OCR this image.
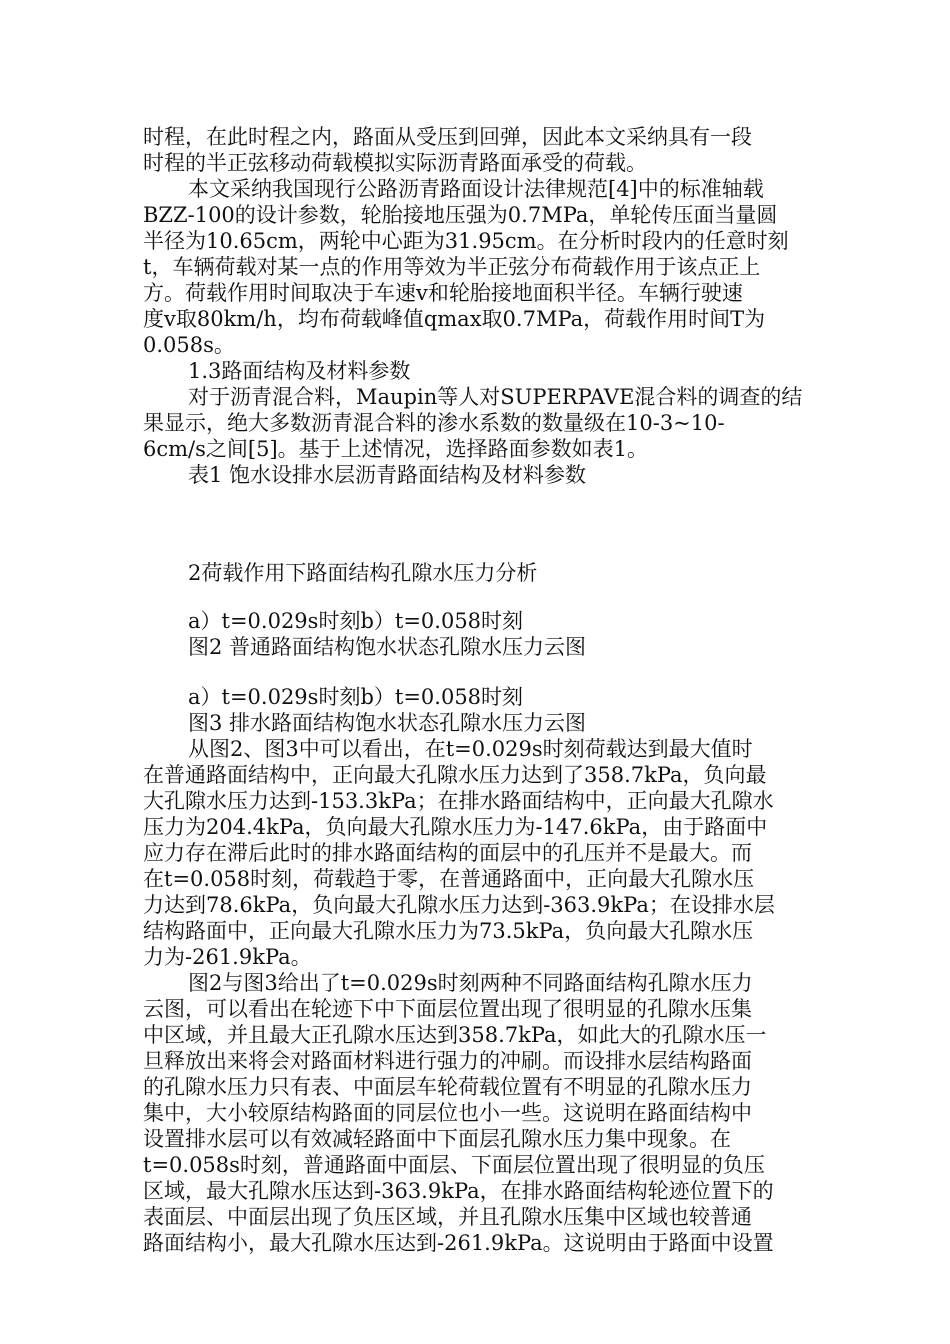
时程，在此时程之内，路面从受压到回弹，因此本文采纳具有一段
时程的半正弦移动荷载模拟实际沥青路面承受的荷载。
本文采纳我国现行公路沥青路面设计法律规范[4]中的标准轴载
BZZ-100的设计参数，轮胎接地压强为0.7MPa，单轮传压面当量圆
半径为10.65cm，两轮中心距为31.95cm。在分析时段内的任意时刻
t，车辆荷载对某一点的作用等效为半正弦分布荷载作用于该点正上
方。荷载作用时间取决于车速v和轮胎接地面积半径。车辆行驶速
度v取80km/h，均布荷载峰值qmax取0.7MPa，荷载作用时间T为
0.058s。
1.3路面结构及材料参数
对于沥青混合料，Maupin等人对SUPERPAVE混合料的调查的结
果显示，绝大多数沥青混合料的渗水系数的数量级在10-3~10-
6cm/s之间[5]。基于上述情况，选择路面参数如表1。
表1 饱水设排水层沥青路面结构及材料参数
2荷载作用下路面结构孔隙水压力分析
a）t=0.029s时刻b）t=0.058时刻
图2 普通路面结构饱水状态孔隙水压力云图
a）t=0.029s时刻b）t=0.058时刻
图3 排水路面结构饱水状态孔隙水压力云图
从图2、图3中可以看出，在t=0.029s时刻荷载达到最大值时
在普通路面结构中，正向最大孔隙水压力达到了358.7kPa，负向最
大孔隙水压力达到-153.3kPa；在排水路面结构中，正向最大孔隙水
压力为204.4kPa，负向最大孔隙水压力为-147.6kPa，由于路面中
应力存在滞后此时的排水路面结构的面层中的孔压并不是最大。而
在t=0.058时刻，荷载趋于零，在普通路面中，正向最大孔隙水压
力达到78.6kPa，负向最大孔隙水压力达到-363.9kPa；在设排水层
结构路面中，正向最大孔隙水压力为73.5kPa，负向最大孔隙水压
力为-261.9kPa。
图2与图3给出了t=0.029s时刻两种不同路面结构孔隙水压力
云图，可以看出在轮迹下中下面层位置出现了很明显的孔隙水压集
中区域，并且最大正孔隙水压达到358.7kPa，如此大的孔隙水压一
旦释放出来将会对路面材料进行强力的冲刷。而设排水层结构路面
的孔隙水压力只有表、中面层车轮荷载位置有不明显的孔隙水压力
集中，大小较原结构路面的同层位也小一些。这说明在路面结构中
设置排水层可以有效减轻路面中下面层孔隙水压力集中现象。在
t=0.058s时刻，普通路面中面层、下面层位置出现了很明显的负压
区域，最大孔隙水压达到-363.9kPa，在排水路面结构轮迹位置下的
表面层、中面层出现了负压区域，并且孔隙水压集中区域也较普通
路面结构小，最大孔隙水压达到-261.9kPa。这说明由于路面中设置
